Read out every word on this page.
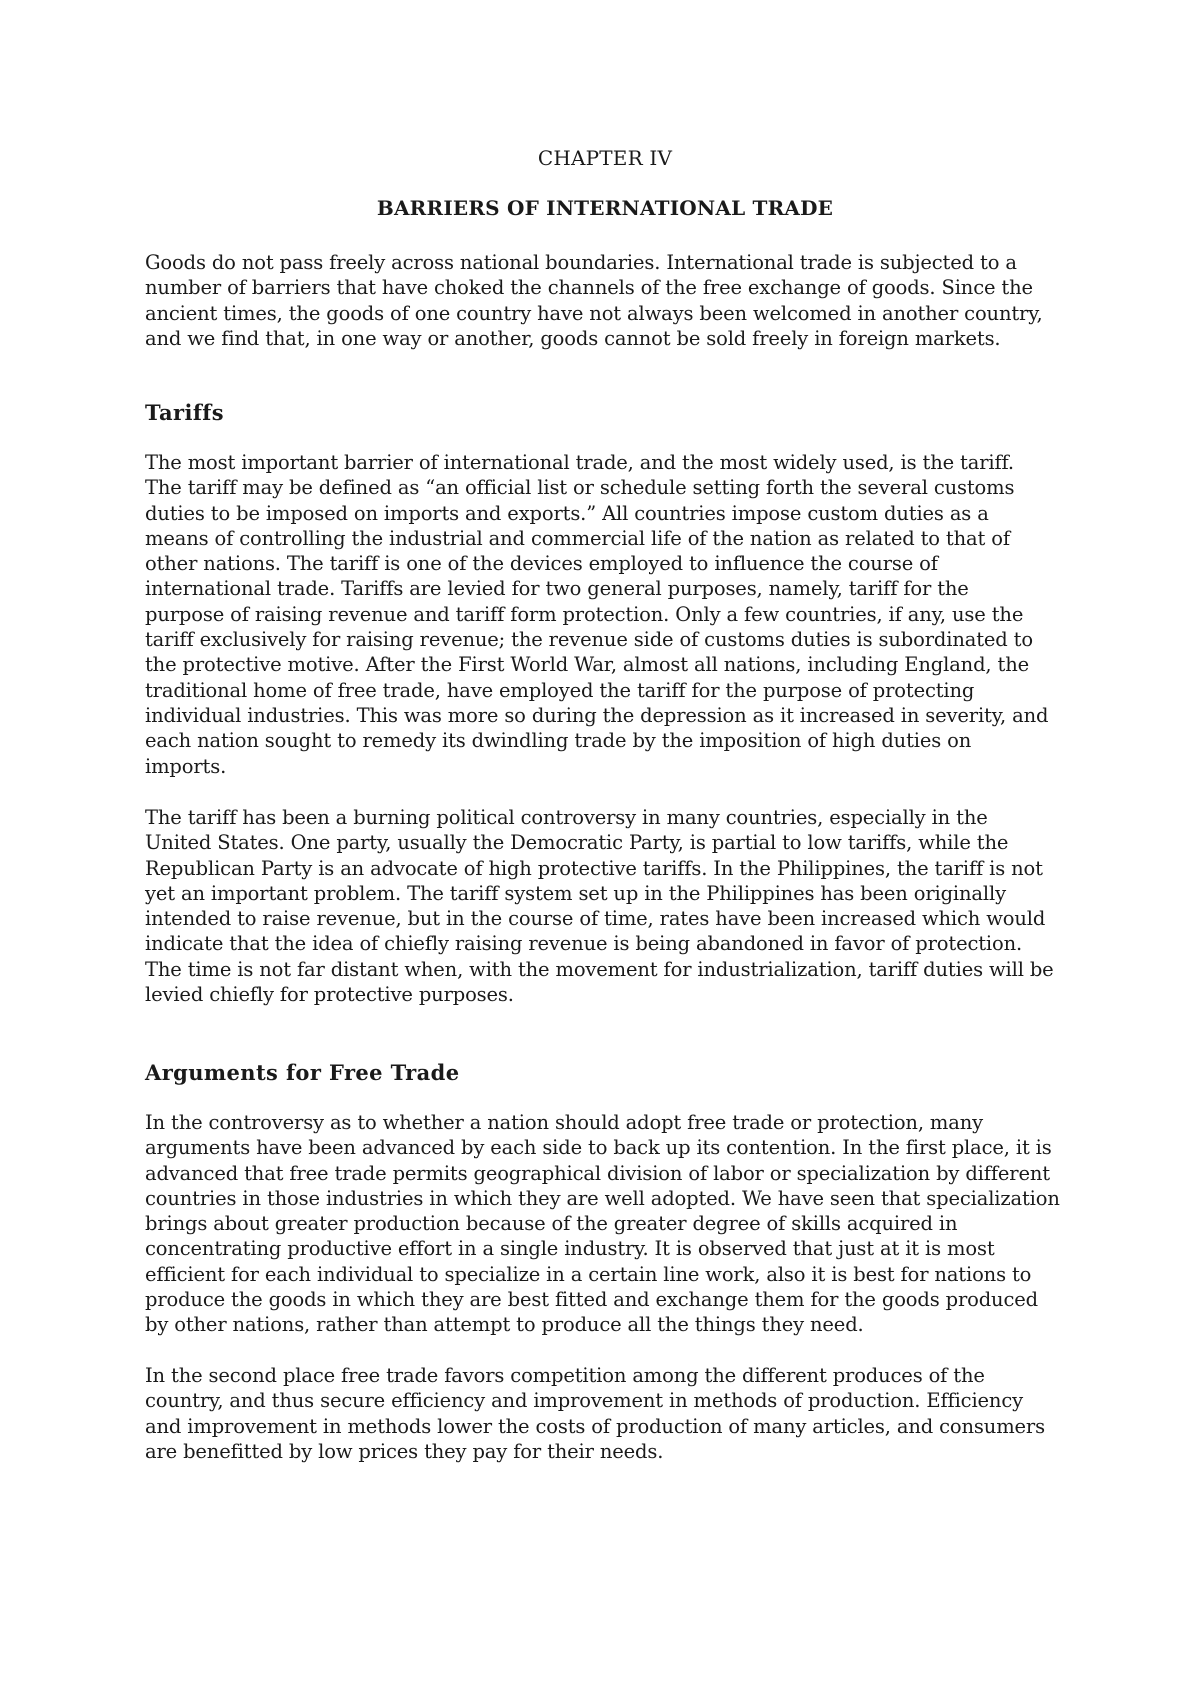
CHAPTER IV
BARRIERS OF INTERNATIONAL TRADE

Goods do not pass freely across national boundaries. International trade is subjected to a
number of barriers that have choked the channels of the free exchange of goods. Since the
ancient times, the goods of one country have not always been welcomed in another country,
and we find that, in one way or another, goods cannot be sold freely in foreign markets.

Tariffs

The most important barrier of international trade, and the most widely used, is the tariff.
The tariff may be defined as “an official list or schedule setting forth the several customs
duties to be imposed on imports and exports.” All countries impose custom duties as a
means of controlling the industrial and commercial life of the nation as related to that of
other nations. The tariff is one of the devices employed to influence the course of
international trade. Tariffs are levied for two general purposes, namely, tariff for the
purpose of raising revenue and tariff form protection. Only a few countries, if any, use the
tariff exclusively for raising revenue; the revenue side of customs duties is subordinated to
the protective motive. After the First World War, almost all nations, including England, the
traditional home of free trade, have employed the tariff for the purpose of protecting
individual industries. This was more so during the depression as it increased in severity, and
each nation sought to remedy its dwindling trade by the imposition of high duties on
imports.

The tariff has been a burning political controversy in many countries, especially in the
United States. One party, usually the Democratic Party, is partial to low tariffs, while the
Republican Party is an advocate of high protective tariffs. In the Philippines, the tariff is not
yet an important problem. The tariff system set up in the Philippines has been originally
intended to raise revenue, but in the course of time, rates have been increased which would
indicate that the idea of chiefly raising revenue is being abandoned in favor of protection.
The time is not far distant when, with the movement for industrialization, tariff duties will be
levied chiefly for protective purposes.

Arguments for Free Trade

In the controversy as to whether a nation should adopt free trade or protection, many
arguments have been advanced by each side to back up its contention. In the first place, it is
advanced that free trade permits geographical division of labor or specialization by different
countries in those industries in which they are well adopted. We have seen that specialization
brings about greater production because of the greater degree of skills acquired in
concentrating productive effort in a single industry. It is observed that just at it is most
efficient for each individual to specialize in a certain line work, also it is best for nations to
produce the goods in which they are best fitted and exchange them for the goods produced
by other nations, rather than attempt to produce all the things they need.

In the second place free trade favors competition among the different produces of the
country, and thus secure efficiency and improvement in methods of production. Efficiency
and improvement in methods lower the costs of production of many articles, and consumers
are benefitted by low prices they pay for their needs.
